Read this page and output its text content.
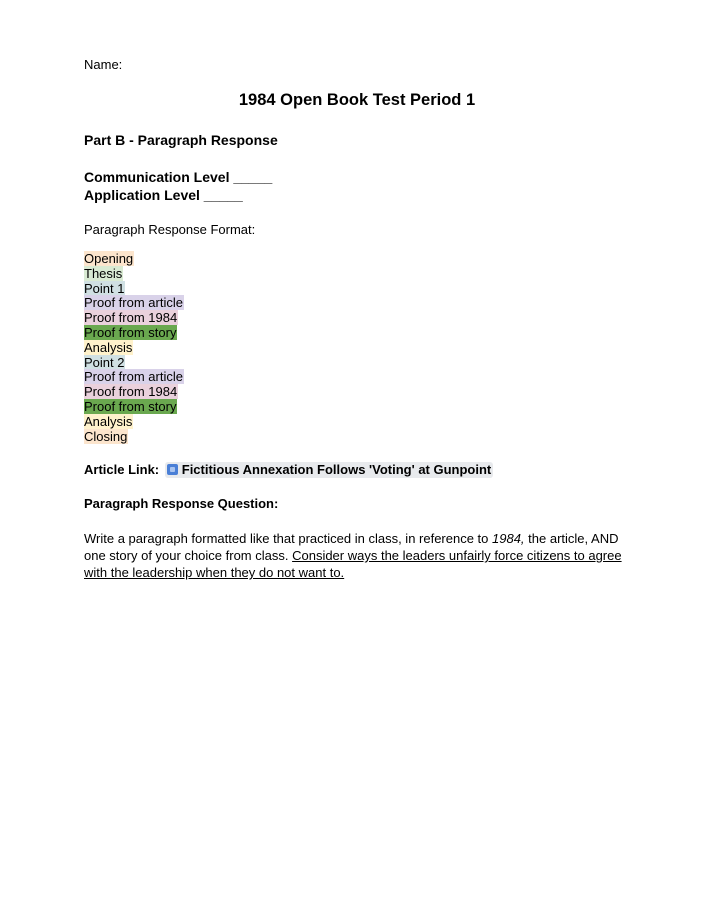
Name:
1984 Open Book Test Period 1
Part B - Paragraph Response
Communication Level _____
Application Level _____
Paragraph Response Format:
Opening
Thesis
Point 1
Proof from article
Proof from 1984
Proof from story
Analysis
Point 2
Proof from article
Proof from 1984
Proof from story
Analysis
Closing
Article Link: Fictitious Annexation Follows 'Voting' at Gunpoint
Paragraph Response Question:
Write a paragraph formatted like that practiced in class, in reference to 1984, the article, AND one story of your choice from class. Consider ways the leaders unfairly force citizens to agree with the leadership when they do not want to.
